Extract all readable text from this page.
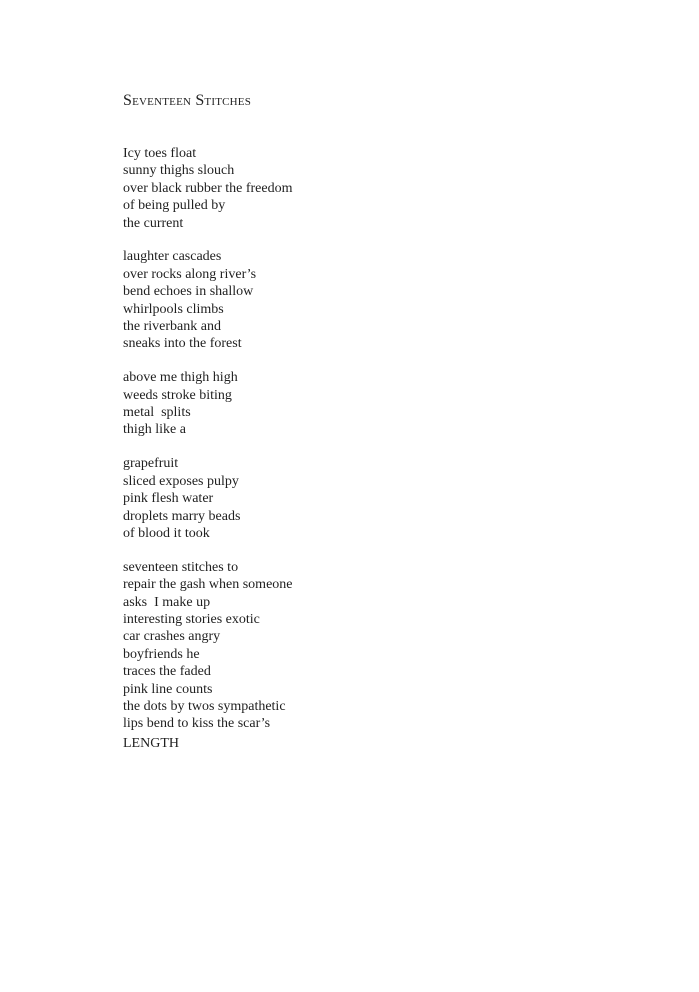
Seventeen Stitches
Icy toes float
sunny thighs slouch
over black rubber the freedom
of being pulled by
the current
laughter cascades
over rocks along river’s
bend echoes in shallow
whirlpools climbs
the riverbank and
sneaks into the forest
above me thigh high
weeds stroke biting
metal  splits
thigh like a
grapefruit
sliced exposes pulpy
pink flesh water
droplets marry beads
of blood it took
seventeen stitches to
repair the gash when someone
asks  I make up
interesting stories exotic
car crashes angry
boyfriends he
traces the faded
pink line counts
the dots by twos sympathetic
lips bend to kiss the scar’s
LENGTH
